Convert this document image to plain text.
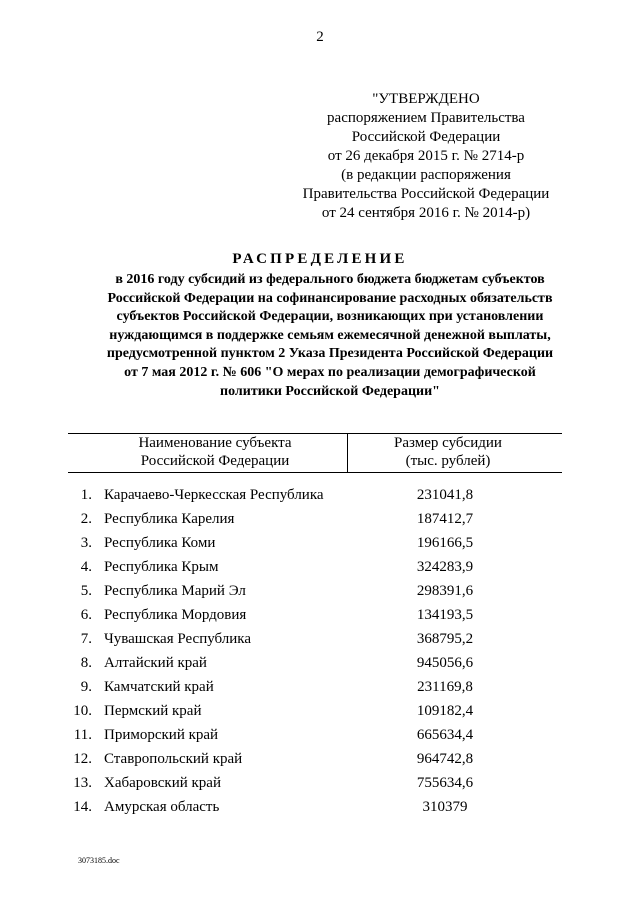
2
"УТВЕРЖДЕНО
распоряжением Правительства
Российской Федерации
от 26 декабря 2015 г. № 2714-р
(в редакции распоряжения
Правительства Российской Федерации
от 24 сентября 2016 г. № 2014-р)
РАСПРЕДЕЛЕНИЕ
в 2016 году субсидий из федерального бюджета бюджетам субъектов
Российской Федерации на софинансирование расходных обязательств
субъектов Российской Федерации, возникающих при установлении
нуждающимся в поддержке семьям ежемесячной денежной выплаты,
предусмотренной пунктом 2 Указа Президента Российской Федерации
от 7 мая 2012 г. № 606 "О мерах по реализации демографической
политики Российской Федерации"
Наименование субъекта
Российской Федерации
Размер субсидии
(тыс. рублей)
1. Карачаево-Черкесская Республика	231041,8
2. Республика Карелия	187412,7
3. Республика Коми	196166,5
4. Республика Крым	324283,9
5. Республика Марий Эл	298391,6
6. Республика Мордовия	134193,5
7. Чувашская Республика	368795,2
8. Алтайский край	945056,6
9. Камчатский край	231169,8
10. Пермский край	109182,4
11. Приморский край	665634,4
12. Ставропольский край	964742,8
13. Хабаровский край	755634,6
14. Амурская область	310379
3073185.doc
